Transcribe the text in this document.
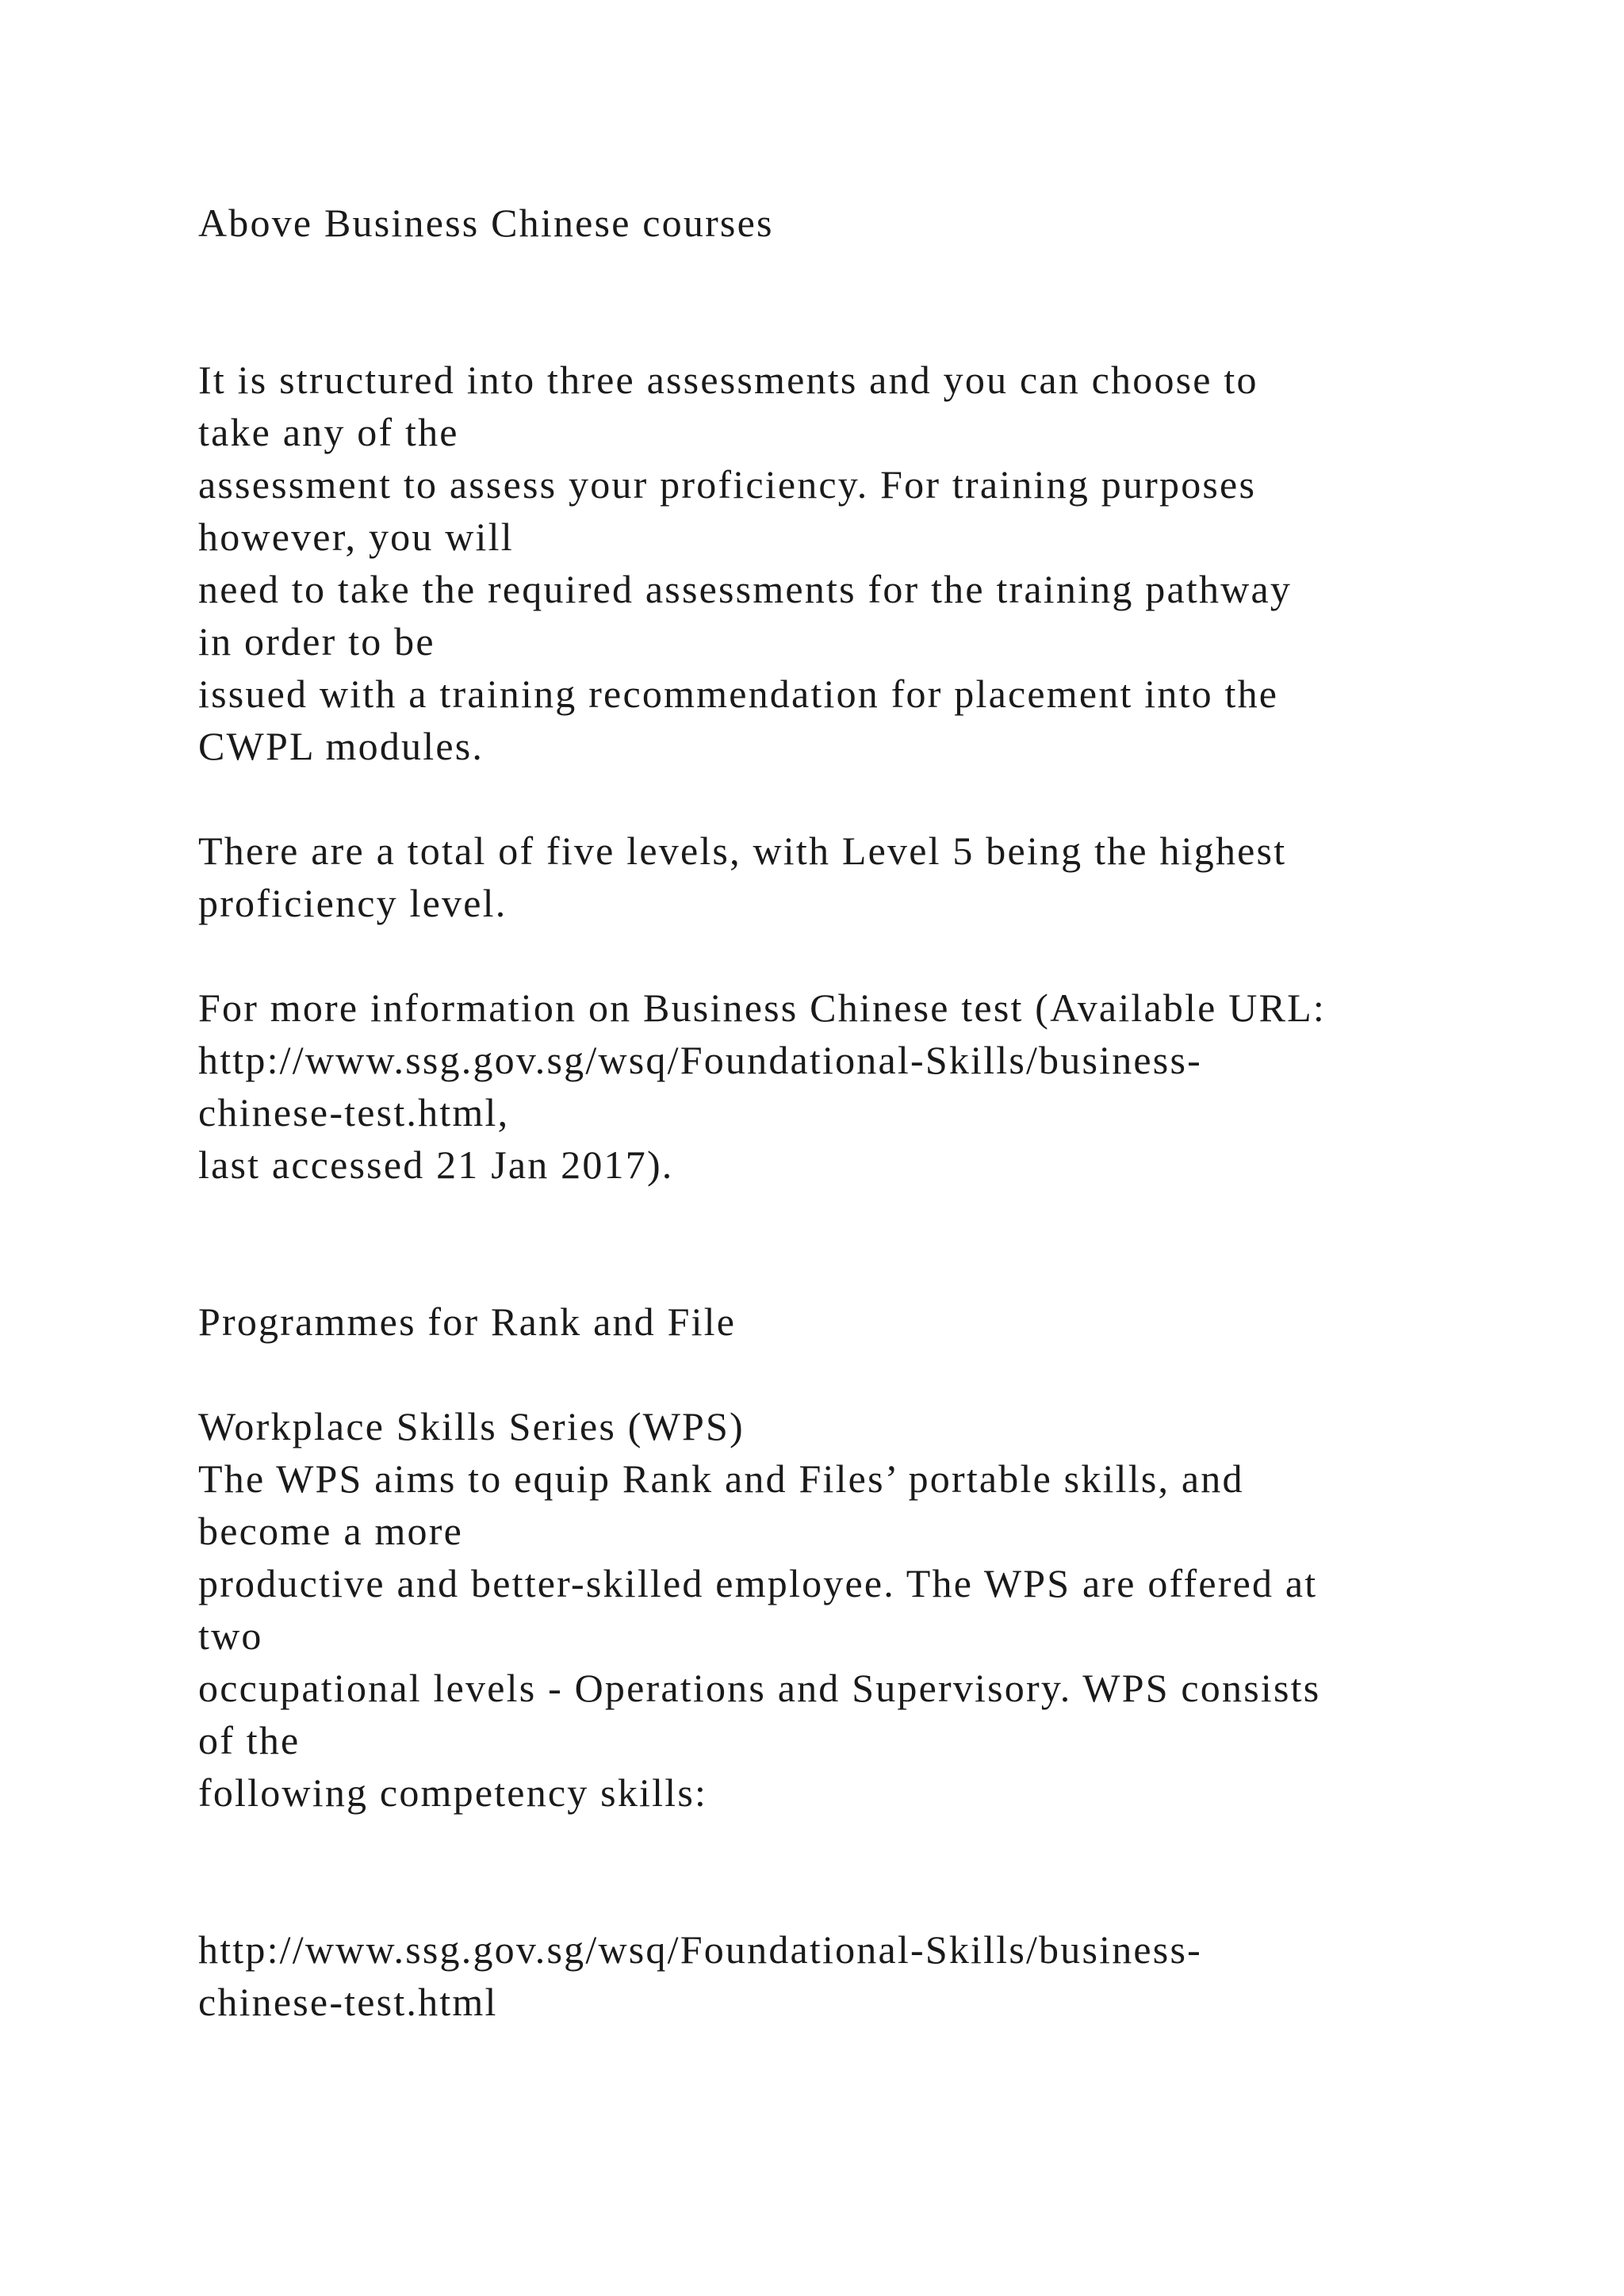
Above Business Chinese courses
It is structured into three assessments and you can choose to
take any of the
assessment to assess your proficiency. For training purposes
however, you will
need to take the required assessments for the training pathway
in order to be
issued with a training recommendation for placement into the
CWPL modules.
There are a total of five levels, with Level 5 being the highest
proficiency level.
For more information on Business Chinese test (Available URL:
http://www.ssg.gov.sg/wsq/Foundational-Skills/business-
chinese-test.html,
last accessed 21 Jan 2017).
Programmes for Rank and File
Workplace Skills Series (WPS)
The WPS aims to equip Rank and Files’ portable skills, and
become a more
productive and better-skilled employee. The WPS are offered at
two
occupational levels - Operations and Supervisory. WPS consists
of the
following competency skills:
http://www.ssg.gov.sg/wsq/Foundational-Skills/business-
chinese-test.html
